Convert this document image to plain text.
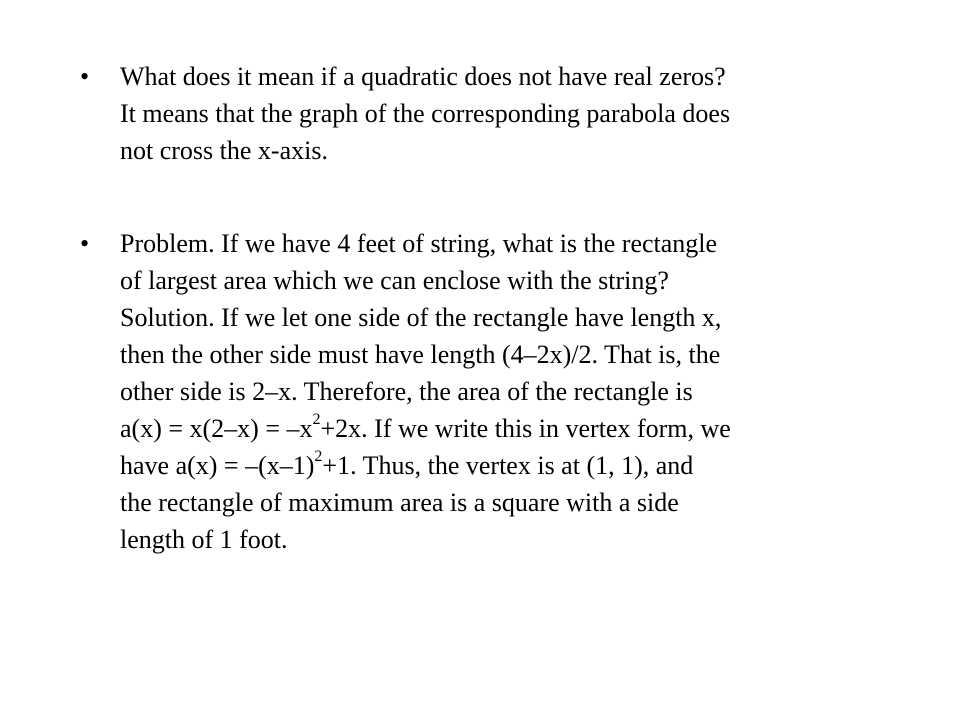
• What does it mean if a quadratic does not have real zeros?
It means that the graph of the corresponding parabola does
not cross the x-axis.
• Problem. If we have 4 feet of string, what is the rectangle
of largest area which we can enclose with the string?
Solution. If we let one side of the rectangle have length x,
then the other side must have length (4–2x)/2. That is, the
other side is 2–x. Therefore, the area of the rectangle is
$a(x) = x(2-x) = -x^2+2x$. If we write this in vertex form, we
have $a(x) = -(x-1)^2+1$. Thus, the vertex is at (1, 1), and
the rectangle of maximum area is a square with a side
length of 1 foot.
